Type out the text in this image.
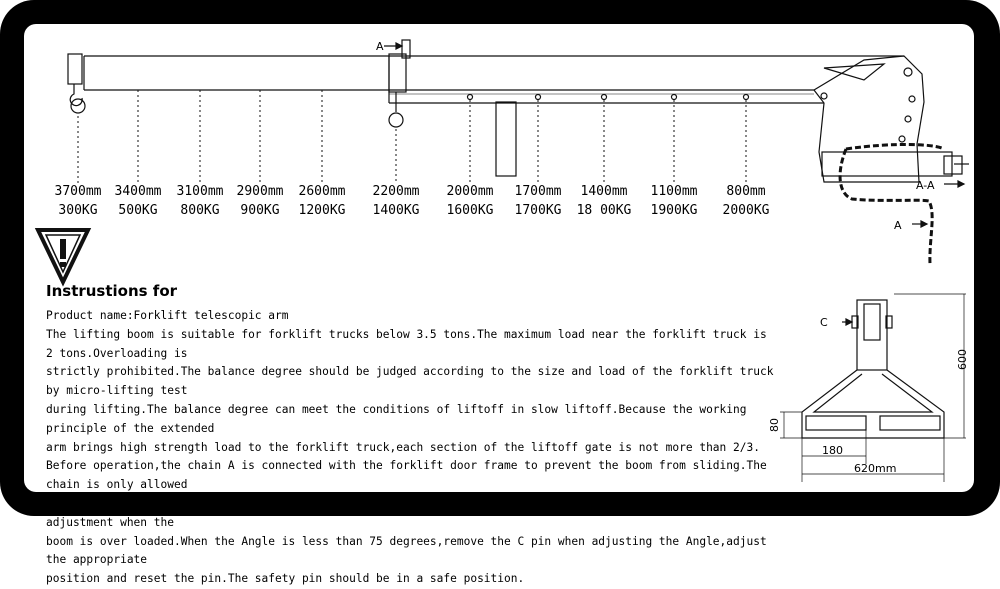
A
A
A-A
C
600
80
180
620mm
3700mm
300KG
3400mm
500KG
3100mm
800KG
2900mm
900KG
2600mm
1200KG
2200mm
1400KG
2000mm
1600KG
1700mm
1700KG
1400mm
18 00KG
1100mm
1900KG
800mm
2000KG
Instrustions for

Product name:Forklift telescopic arm

The lifting boom is suitable for forklift trucks below 3.5 tons.The maximum load near the forklift truck is 2 tons.Overloading is

strictly prohibited.The balance degree should be judged according to the size and load of the forklift truck by micro-lifting test

during lifting.The balance degree can meet the conditions of liftoff in slow liftoff.Because the working principle of the extended

arm brings high strength load to the forklift truck,each section of the liftoff gate is not more than 2/3.

Before operation,the chain A is connected with the forklift door frame to prevent the boom from sliding.The chain is only allowed

to fix the boom and drag it,which may cause danger or damage .The boom can not be telescopic and Angle adjustment when the

boom is over loaded.When the Angle is less than 75 degrees,remove the C pin when adjusting the Angle,adjust the appropriate

position and reset the pin.The safety pin should be in a safe position.
